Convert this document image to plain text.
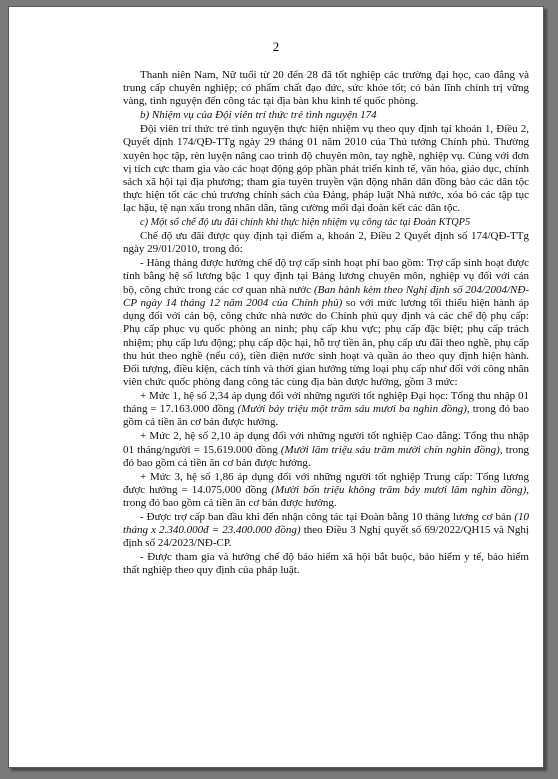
2

Thanh niên Nam, Nữ tuổi từ 20 đến 28 đã tốt nghiệp các trường đại học, cao đẳng và trung cấp chuyên nghiệp; có phẩm chất đạo đức, sức khỏe tốt; có bản lĩnh chính trị vững vàng, tình nguyện đến công tác tại địa bàn khu kinh tế quốc phòng.

b) Nhiệm vụ của Đội viên trí thức trẻ tình nguyện 174

Đội viên trí thức trẻ tình nguyện thực hiện nhiệm vụ theo quy định tại khoản 1, Điều 2, Quyết định 174/QĐ-TTg ngày 29 tháng 01 năm 2010 của Thủ tướng Chính phủ. Thường xuyên học tập, rèn luyện nâng cao trình độ chuyên môn, tay nghề, nghiệp vụ. Cùng với đơn vị tích cực tham gia vào các hoạt động góp phần phát triển kinh tế, văn hóa, giáo dục, chính sách xã hội tại địa phương; tham gia tuyên truyền vận động nhân dân đồng bào các dân tộc thực hiện tốt các chủ trương chính sách của Đảng, pháp luật Nhà nước, xóa bỏ các tập tục lạc hậu, tệ nạn xấu trong nhân dân, tăng cường mối đại đoàn kết các dân tộc.

c) Một số chế độ ưu đãi chính khi thực hiện nhiệm vụ công tác tại Đoàn KTQP5

Chế độ ưu đãi được quy định tại điểm a, khoản 2, Điều 2 Quyết định số 174/QĐ-TTg ngày 29/01/2010, trong đó:

- Hàng tháng được hưởng chế độ trợ cấp sinh hoạt phí bao gồm: Trợ cấp sinh hoạt được tính bằng hệ số lương bậc 1 quy định tại Bảng lương chuyên môn, nghiệp vụ đối với cán bộ, công chức trong các cơ quan nhà nước (Ban hành kèm theo Nghị định số 204/2004/NĐ-CP ngày 14 tháng 12 năm 2004 của Chính phủ) so với mức lương tối thiểu hiện hành áp dụng đối với cán bộ, công chức nhà nước do Chính phủ quy định và các chế độ phụ cấp: Phụ cấp phục vụ quốc phòng an ninh; phụ cấp khu vực; phụ cấp đặc biệt; phụ cấp trách nhiệm; phụ cấp lưu động; phụ cấp độc hại, hỗ trợ tiền ăn, phụ cấp ưu đãi theo nghề, phụ cấp thu hút theo nghề (nếu có), tiền điện nước sinh hoạt và quần áo theo quy định hiện hành. Đối tượng, điều kiện, cách tính và thời gian hưởng từng loại phụ cấp như đối với công nhân viên chức quốc phòng đang công tác cùng địa bàn được hưởng, gồm 3 mức:

+ Mức 1, hệ số 2,34 áp dụng đối với những người tốt nghiệp Đại học: Tổng thu nhập 01 tháng = 17.163.000 đồng (Mười bảy triệu một trăm sáu mươi ba nghìn đồng), trong đó bao gồm cả tiền ăn cơ bản được hưởng.

+ Mức 2, hệ số 2,10 áp dụng đối với những người tốt nghiệp Cao đẳng: Tổng thu nhập 01 tháng/người = 15.619.000 đồng (Mười lăm triệu sáu trăm mười chín nghìn đồng), trong đó bao gồm cả tiền ăn cơ bản được hưởng.

+ Mức 3, hệ số 1,86 áp dụng đối với những người tốt nghiệp Trung cấp: Tổng lương được hưởng = 14.075.000 đồng (Mười bốn triệu không trăm bảy mươi lăm nghìn đồng), trong đó bao gồm cả tiền ăn cơ bản được hưởng.

- Được trợ cấp ban đầu khi đến nhận công tác tại Đoàn bằng 10 tháng lương cơ bản (10 tháng x 2.340.000đ = 23.400.000 đồng) theo Điều 3 Nghị quyết số 69/2022/QH15 và Nghị định số 24/2023/NĐ-CP.

- Được tham gia và hưởng chế độ bảo hiểm xã hội bắt buộc, bảo hiểm y tế, bảo hiểm thất nghiệp theo quy định của pháp luật.
